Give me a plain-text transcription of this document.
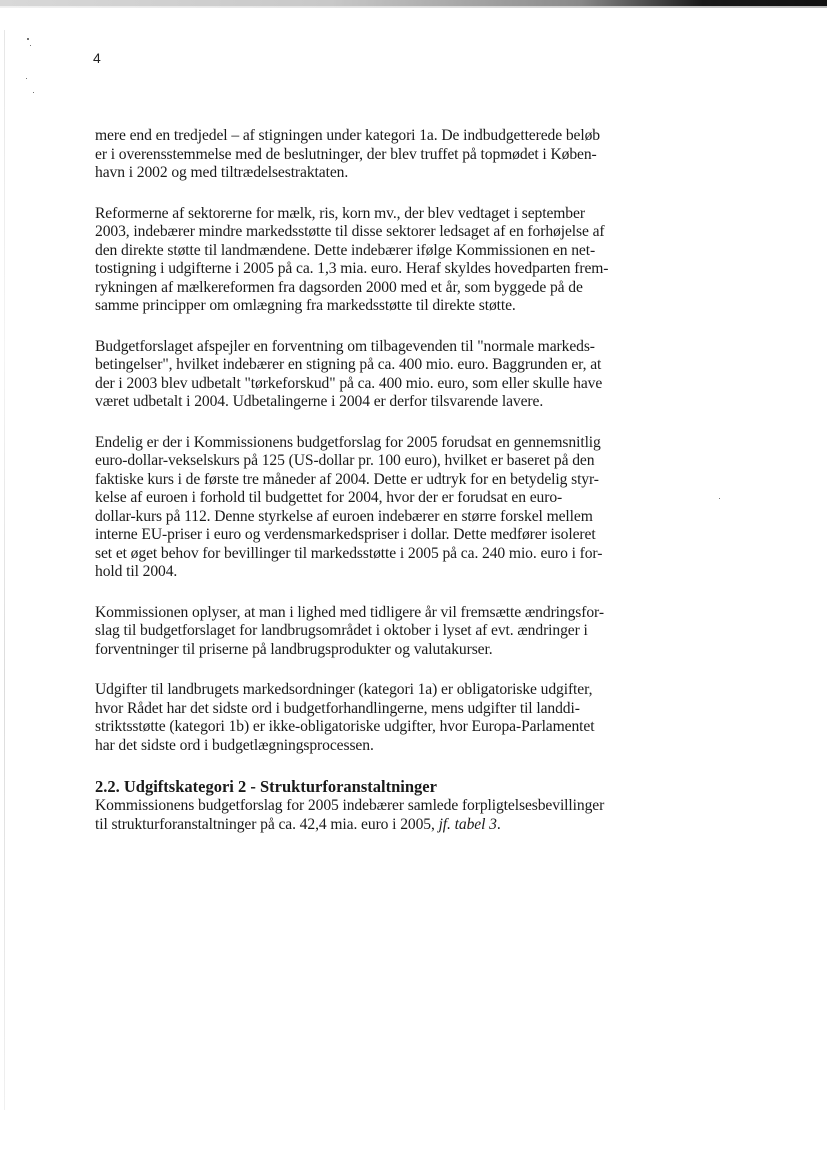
4

mere end en tredjedel – af stigningen under kategori 1a. De indbudgetterede beløb
er i overensstemmelse med de beslutninger, der blev truffet på topmødet i Køben-
havn i 2002 og med tiltrædelsestraktaten.

Reformerne af sektorerne for mælk, ris, korn mv., der blev vedtaget i september
2003, indebærer mindre markedsstøtte til disse sektorer ledsaget af en forhøjelse af
den direkte støtte til landmændene. Dette indebærer ifølge Kommissionen en net-
tostigning i udgifterne i 2005 på ca. 1,3 mia. euro. Heraf skyldes hovedparten frem-
rykningen af mælkereformen fra dagsorden 2000 med et år, som byggede på de
samme principper om omlægning fra markedsstøtte til direkte støtte.

Budgetforslaget afspejler en forventning om tilbagevenden til "normale markeds-
betingelser", hvilket indebærer en stigning på ca. 400 mio. euro. Baggrunden er, at
der i 2003 blev udbetalt "tørkeforskud" på ca. 400 mio. euro, som eller skulle have
været udbetalt i 2004. Udbetalingerne i 2004 er derfor tilsvarende lavere.

Endelig er der i Kommissionens budgetforslag for 2005 forudsat en gennemsnitlig
euro-dollar-vekselskurs på 125 (US-dollar pr. 100 euro), hvilket er baseret på den
faktiske kurs i de første tre måneder af 2004. Dette er udtryk for en betydelig styr-
kelse af euroen i forhold til budgettet for 2004, hvor der er forudsat en euro-
dollar-kurs på 112. Denne styrkelse af euroen indebærer en større forskel mellem
interne EU-priser i euro og verdensmarkedspriser i dollar. Dette medfører isoleret
set et øget behov for bevillinger til markedsstøtte i 2005 på ca. 240 mio. euro i for-
hold til 2004.

Kommissionen oplyser, at man i lighed med tidligere år vil fremsætte ændringsfor-
slag til budgetforslaget for landbrugsområdet i oktober i lyset af evt. ændringer i
forventninger til priserne på landbrugsprodukter og valutakurser.

Udgifter til landbrugets markedsordninger (kategori 1a) er obligatoriske udgifter,
hvor Rådet har det sidste ord i budgetforhandlingerne, mens udgifter til landdi-
striktsstøtte (kategori 1b) er ikke-obligatoriske udgifter, hvor Europa-Parlamentet
har det sidste ord i budgetlægningsprocessen.

2.2. Udgiftskategori 2 - Strukturforanstaltninger

Kommissionens budgetforslag for 2005 indebærer samlede forpligtelsesbevillinger
til strukturforanstaltninger på ca. 42,4 mia. euro i 2005, jf. tabel 3.
